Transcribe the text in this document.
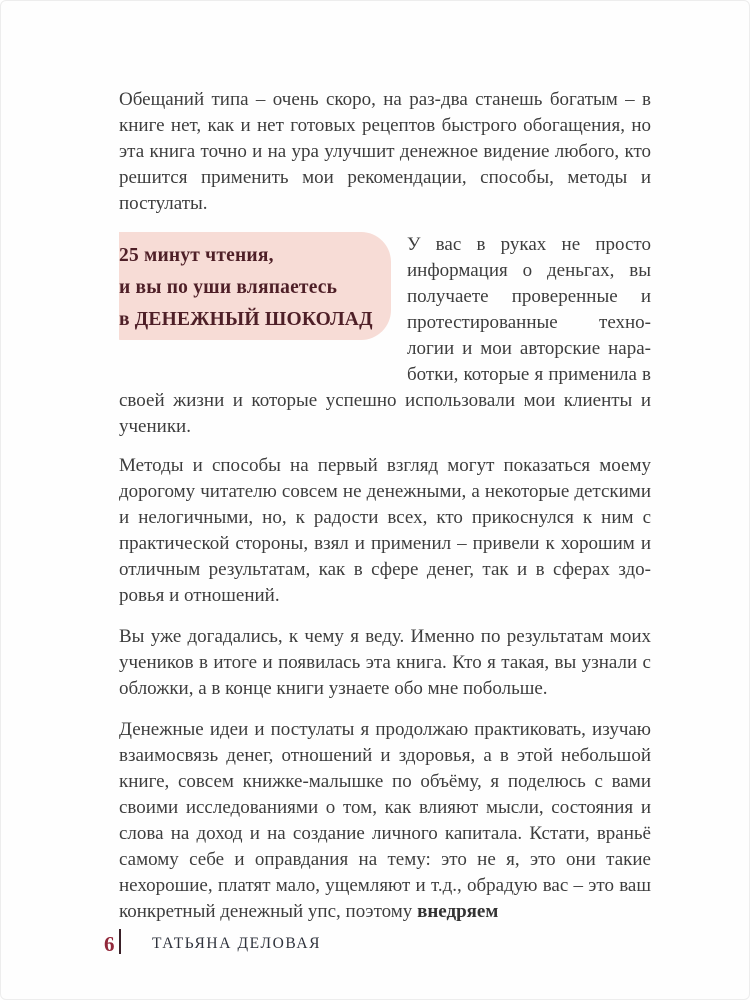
Обещаний типа – очень скоро, на раз-два станешь богатым – в книге нет, как и нет готовых рецептов быстрого обогащения, но эта книга точно и на ура улучшит денежное видение любого, кто решится применить мои рекомендации, способы, методы и постулаты.

25 минут чтения,
и вы по уши вляпаетесь
в ДЕНЕЖНЫЙ ШОКОЛАД

У вас в руках не просто информация о деньгах, вы получаете проверенные и протестированные технологии и мои авторские наработки, которые я применила в своей жизни и которые успешно использовали мои клиенты и ученики.

Методы и способы на первый взгляд могут показаться моему дорогому читателю совсем не денежными, а некоторые детскими и нелогичными, но, к радости всех, кто прикоснулся к ним с практической стороны, взял и применил – привели к хорошим и отличным результатам, как в сфере денег, так и в сферах здоровья и отношений.

Вы уже догадались, к чему я веду. Именно по результатам моих учеников в итоге и появилась эта книга. Кто я такая, вы узнали с обложки, а в конце книги узнаете обо мне побольше.

Денежные идеи и постулаты я продолжаю практиковать, изучаю взаимосвязь денег, отношений и здоровья, а в этой небольшой книге, совсем книжке-малышке по объёму, я поделюсь с вами своими исследованиями о том, как влияют мысли, состояния и слова на доход и на создание личного капитала. Кстати, враньё самому себе и оправдания на тему: это не я, это они такие нехорошие, платят мало, ущемляют и т.д., обрадую вас – это ваш конкретный денежный упс, поэтому внедряем

6 ТАТЬЯНА ДЕЛОВАЯ
